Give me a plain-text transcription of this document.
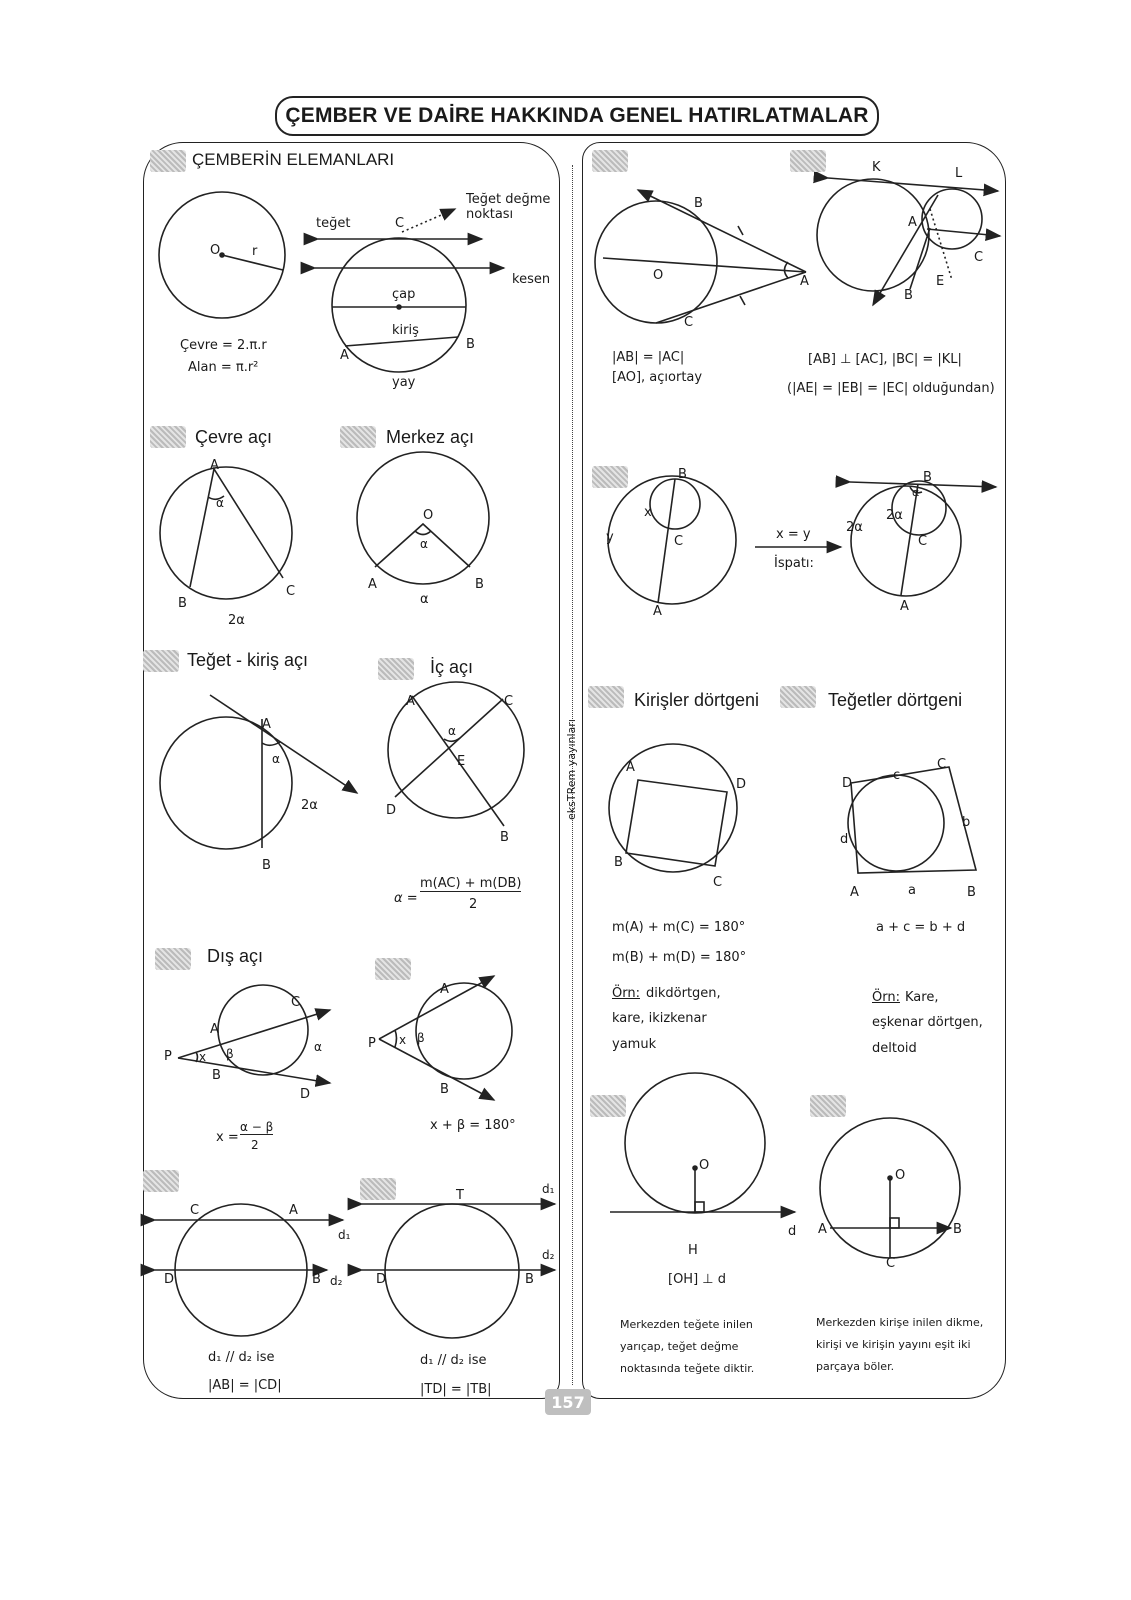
ÇEMBER VE DAİRE HAKKINDA GENEL HATIRLATMALAR
eksTRem yayınları
157
ÇEMBERİN ELEMANLARI
O r
teğet	C
Teğet değme
noktası
kesen
çap
kiriş
A
B
yay
Çevre = 2.π.r
Alan = π.r²
Çevre açı
A
B
C
α
2α
Merkez açı
O
A	B
α
α
Teğet - kiriş açı
A
B
α
2α
İç açı
A	C
D
B
E
α
α =
m(AC) + m(DB)
2
Dış açı
P
A
B
C
D
x β	α
x =
α − β
2
P
A
B
x β
x + β = 180°
C	A
D	B
d₁
d₂
d₁ // d₂ ise
|AB| = |CD|
T
D	B
d₁
d₂
d₁ // d₂ ise
|TD| = |TB|
B
C
A
O
|AB| = |AC|
[AO], açıortay
K	L
A
C
E
B
[AB] ⊥ [AC], |BC| = |KL|
(|AE| = |EB| = |EC| olduğundan)
B
C
A
x
y	x = y
İspatı:
B
C
A
α
2α
2α
Kirişler dörtgeni
A
D
B
C
m(A) + m(C) = 180°
m(B) + m(D) = 180°
Örn: dikdörtgen,
kare, ikizkenar
yamuk
Teğetler dörtgeni
D
C
A	B
c
b
d
a
a + c = b + d
Örn: Kare,
eşkenar dörtgen,
deltoid
O
H
d
[OH] ⊥ d
Merkezden teğete inilen
yarıçap, teğet değme
noktasında teğete diktir.
O
A	B
C
Merkezden kirişe inilen dikme,
kirişi ve kirişin yayını eşit iki
parçaya böler.
